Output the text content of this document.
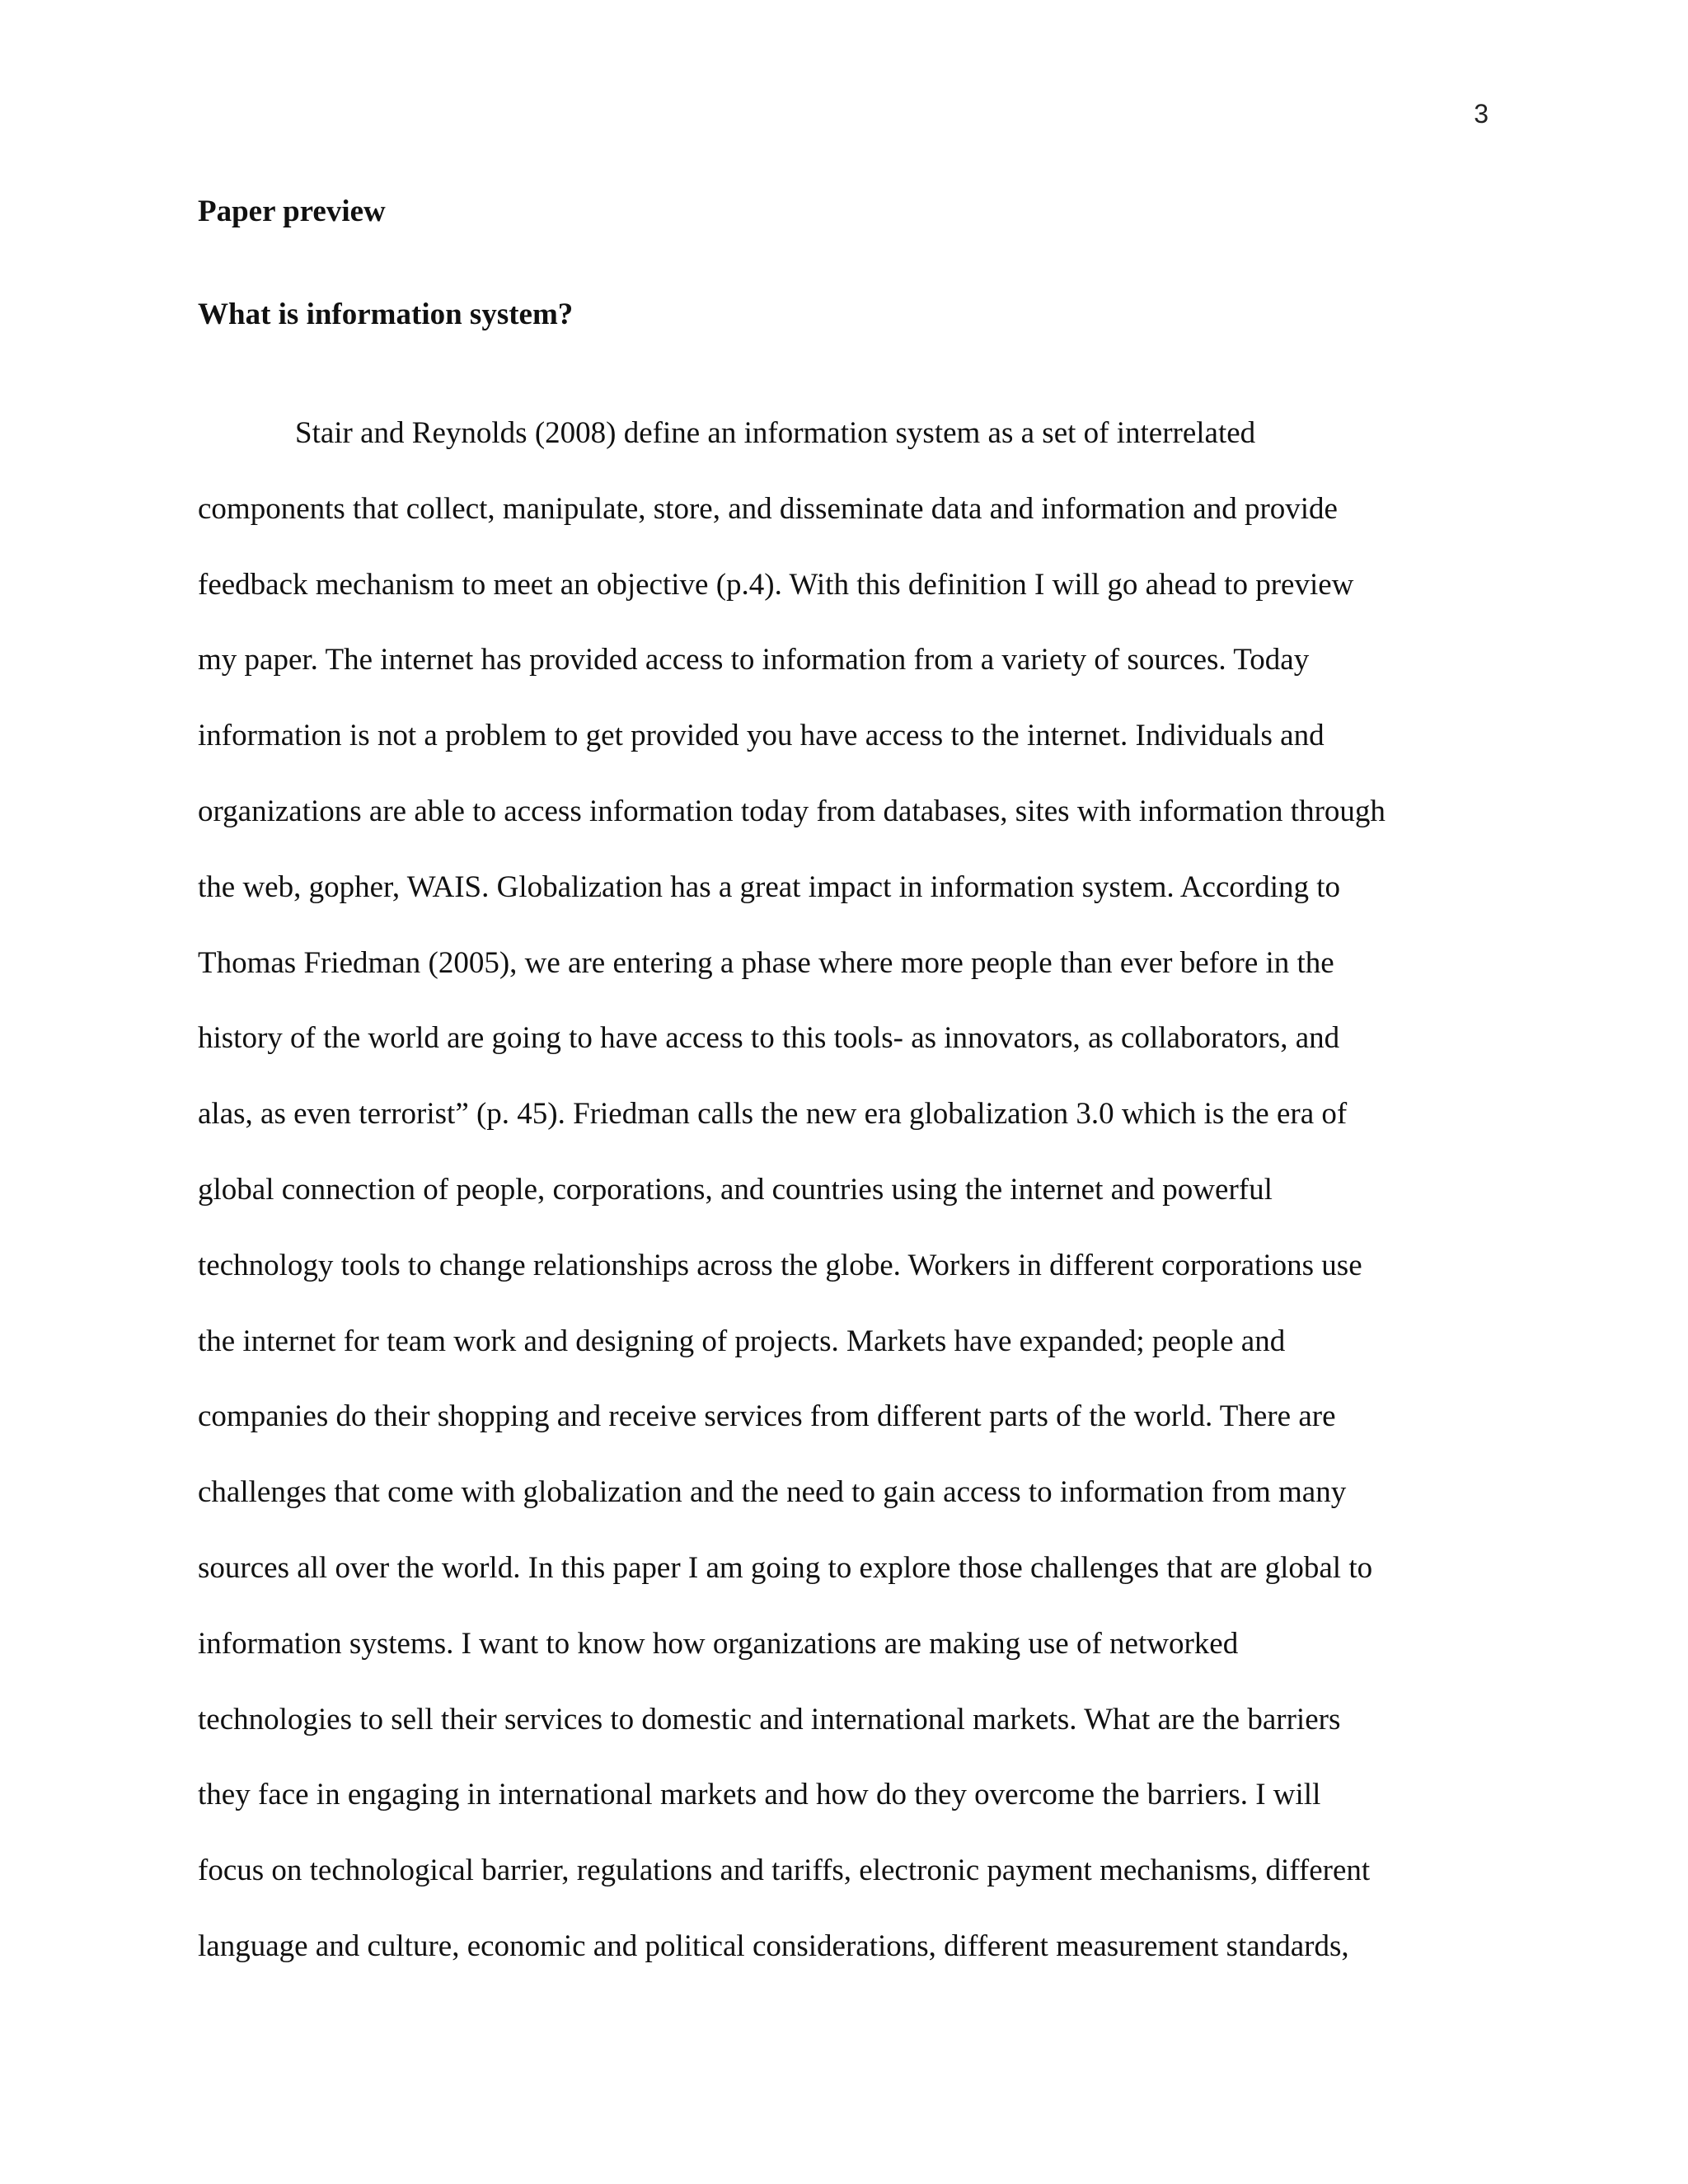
3
Paper preview
What is information system?
Stair and Reynolds (2008) define an information system as a set of interrelated
components that collect, manipulate, store, and disseminate data and information and provide
feedback mechanism to meet an objective (p.4). With this definition I will go ahead to preview
my paper. The internet has provided access to information from a variety of sources. Today
information is not a problem to get provided you have access to the internet. Individuals and
organizations are able to access information today from databases, sites with information through
the web, gopher, WAIS. Globalization has a great impact in information system. According to
Thomas Friedman (2005), we are entering a phase where more people than ever before in the
history of the world are going to have access to this tools- as innovators, as collaborators, and
alas, as even terrorist” (p. 45). Friedman calls the new era globalization 3.0 which is the era of
global connection of people, corporations, and countries using the internet and powerful
technology tools to change relationships across the globe. Workers in different corporations use
the internet for team work and designing of projects. Markets have expanded; people and
companies do their shopping and receive services from different parts of the world. There are
challenges that come with globalization and the need to gain access to information from many
sources all over the world. In this paper I am going to explore those challenges that are global to
information systems. I want to know how organizations are making use of networked
technologies to sell their services to domestic and international markets. What are the barriers
they face in engaging in international markets and how do they overcome the barriers. I will
focus on technological barrier, regulations and tariffs, electronic payment mechanisms, different
language and culture, economic and political considerations, different measurement standards,
